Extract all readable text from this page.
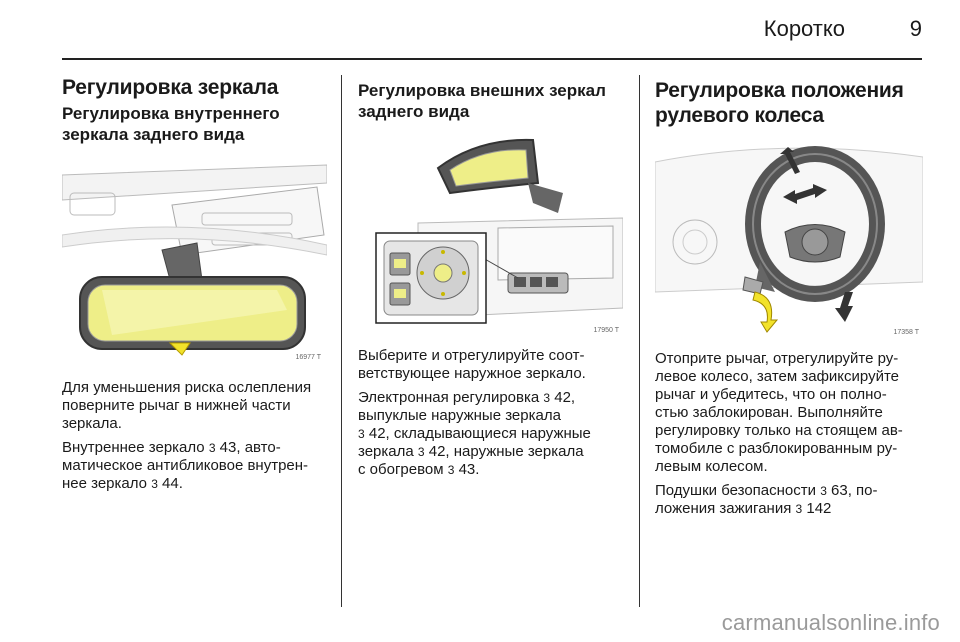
Коротко	9
Регулировка зеркала
Регулировка внутреннего
зеркала заднего вида
16977 T

Для уменьшения риска ослепления
поверните рычаг в нижней части
зеркала.

Внутреннее зеркало 3 43, авто-
матическое антибликовое внутрен-
нее зеркало 3 44.

Регулировка внешних зеркал
заднего вида
17950 T

Выберите и отрегулируйте соот-
ветствующее наружное зеркало.

Электронная регулировка 3 42,
выпуклые наружные зеркала
3 42, складывающиеся наружные
зеркала 3 42, наружные зеркала
с обогревом 3 43.

Регулировка положения
рулевого колеса
17358 T

Отоприте рычаг, отрегулируйте ру-
левое колесо, затем зафиксируйте
рычаг и убедитесь, что он полно-
стью заблокирован. Выполняйте
регулировку только на стоящем ав-
томобиле с разблокированным ру-
левым колесом.

Подушки безопасности 3 63, по-
ложения зажигания 3 142

carmanualsonline.info
